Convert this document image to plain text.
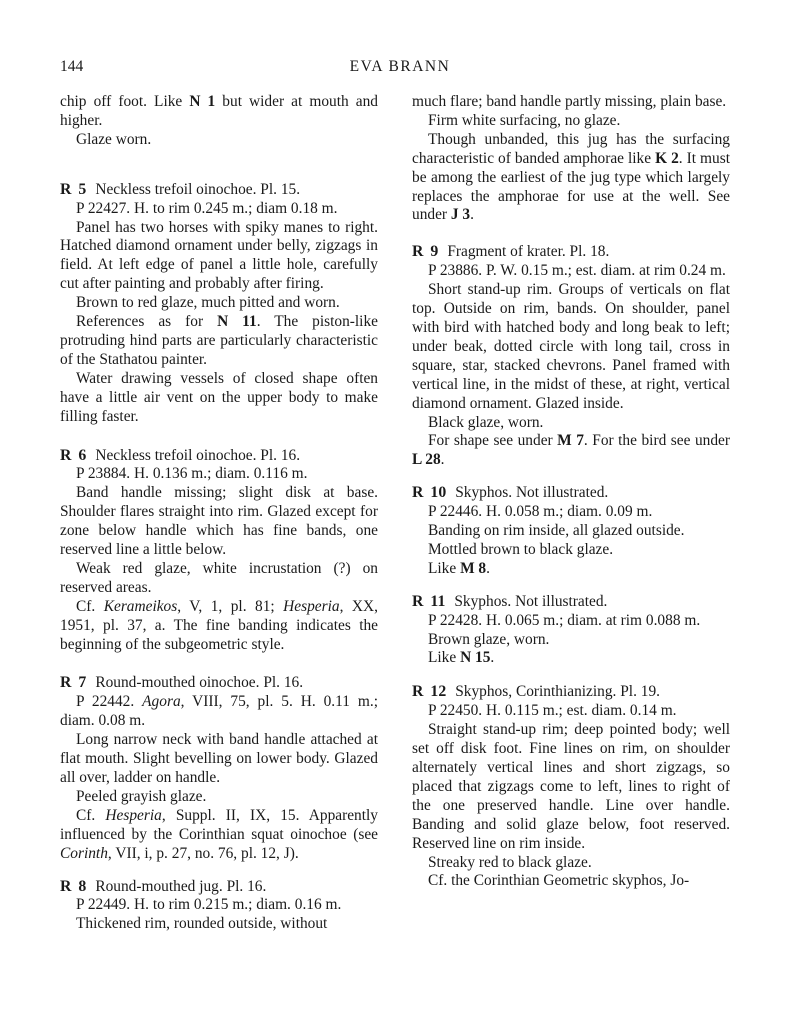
144	EVA BRANN

chip off foot. Like N 1 but wider at mouth and higher.

Glaze worn.

R 5 Neckless trefoil oinochoe. Pl. 15.

P 22427. H. to rim 0.245 m.; diam 0.18 m.

Panel has two horses with spiky manes to right. Hatched diamond ornament under belly, zigzags in field. At left edge of panel a little hole, carefully cut after painting and probably after firing.

Brown to red glaze, much pitted and worn.

References as for N 11. The piston-like protruding hind parts are particularly characteristic of the Stathatou painter.

Water drawing vessels of closed shape often have a little air vent on the upper body to make filling faster.

R 6 Neckless trefoil oinochoe. Pl. 16.

P 23884. H. 0.136 m.; diam. 0.116 m.

Band handle missing; slight disk at base. Shoulder flares straight into rim. Glazed except for zone below handle which has fine bands, one reserved line a little below.

Weak red glaze, white incrustation (?) on reserved areas.

Cf. Kerameikos, V, 1, pl. 81; Hesperia, XX, 1951, pl. 37, a. The fine banding indicates the beginning of the subgeometric style.

R 7 Round-mouthed oinochoe. Pl. 16.

P 22442. Agora, VIII, 75, pl. 5. H. 0.11 m.; diam. 0.08 m.

Long narrow neck with band handle attached at flat mouth. Slight bevelling on lower body. Glazed all over, ladder on handle.

Peeled grayish glaze.

Cf. Hesperia, Suppl. II, IX, 15. Apparently influenced by the Corinthian squat oinochoe (see Corinth, VII, i, p. 27, no. 76, pl. 12, J).

R 8 Round-mouthed jug. Pl. 16.

P 22449. H. to rim 0.215 m.; diam. 0.16 m.

Thickened rim, rounded outside, without

much flare; band handle partly missing, plain base.

Firm white surfacing, no glaze.

Though unbanded, this jug has the surfacing characteristic of banded amphorae like K 2. It must be among the earliest of the jug type which largely replaces the amphorae for use at the well. See under J 3.

R 9 Fragment of krater. Pl. 18.

P 23886. P. W. 0.15 m.; est. diam. at rim 0.24 m.

Short stand-up rim. Groups of verticals on flat top. Outside on rim, bands. On shoulder, panel with bird with hatched body and long beak to left; under beak, dotted circle with long tail, cross in square, star, stacked chevrons. Panel framed with vertical line, in the midst of these, at right, vertical diamond ornament. Glazed inside.

Black glaze, worn.

For shape see under M 7. For the bird see under L 28.

R 10 Skyphos. Not illustrated.

P 22446. H. 0.058 m.; diam. 0.09 m.

Banding on rim inside, all glazed outside.

Mottled brown to black glaze.

Like M 8.

R 11 Skyphos. Not illustrated.

P 22428. H. 0.065 m.; diam. at rim 0.088 m.

Brown glaze, worn.

Like N 15.

R 12 Skyphos, Corinthianizing. Pl. 19.

P 22450. H. 0.115 m.; est. diam. 0.14 m.

Straight stand-up rim; deep pointed body; well set off disk foot. Fine lines on rim, on shoulder alternately vertical lines and short zigzags, so placed that zigzags come to left, lines to right of the one preserved handle. Line over handle. Banding and solid glaze below, foot reserved. Reserved line on rim inside.

Streaky red to black glaze.

Cf. the Corinthian Geometric skyphos, Jo-
